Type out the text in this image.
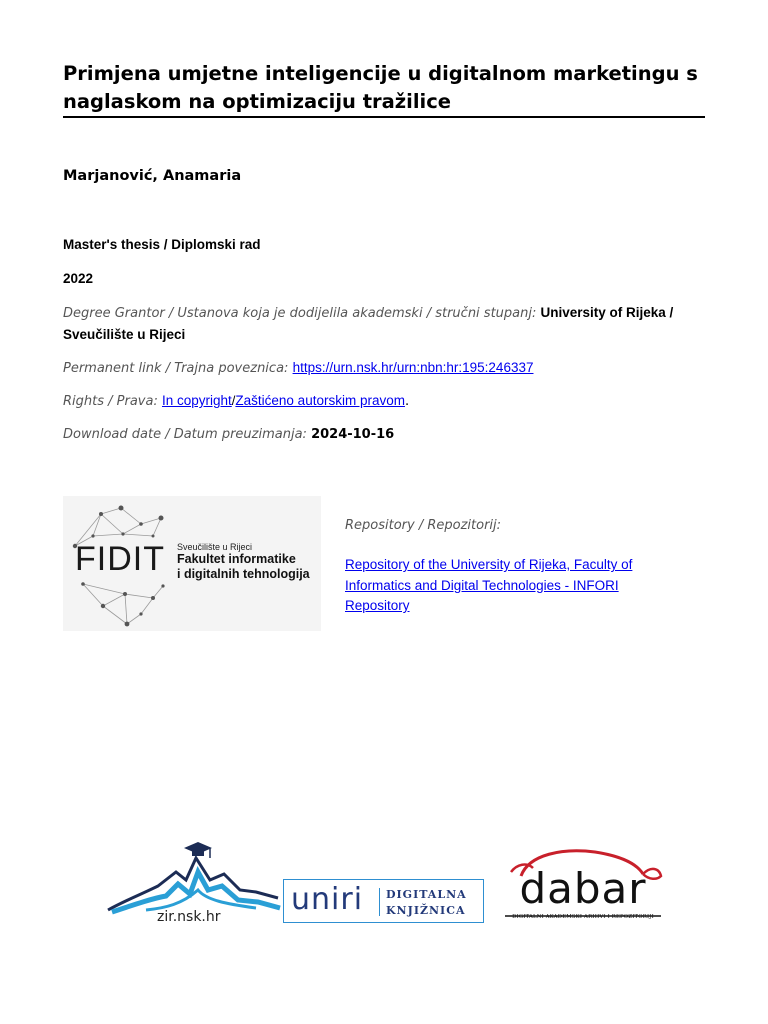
Primjena umjetne inteligencije u digitalnom marketingu s naglaskom na optimizaciju tražilice
Marjanović, Anamaria
Master's thesis / Diplomski rad
2022
Degree Grantor / Ustanova koja je dodijelila akademski / stručni stupanj: University of Rijeka / Sveučilište u Rijeci
Permanent link / Trajna poveznica: https://urn.nsk.hr/urn:nbn:hr:195:246337
Rights / Prava: In copyright/Zaštićeno autorskim pravom.
Download date / Datum preuzimanja: 2024-10-16
FIDIT Sveučilište u Rijeci
Fakultet informatike
i digitalnih tehnologija
Repository / Repozitorij:
Repository of the University of Rijeka, Faculty of Informatics and Digital Technologies - INFORI Repository
zir.nsk.hr uniri DIGITALNA
KNJIŽNICA	dabar
DIGITALNI AKADEMSKI ARHIVI I REPOZITORIJI
